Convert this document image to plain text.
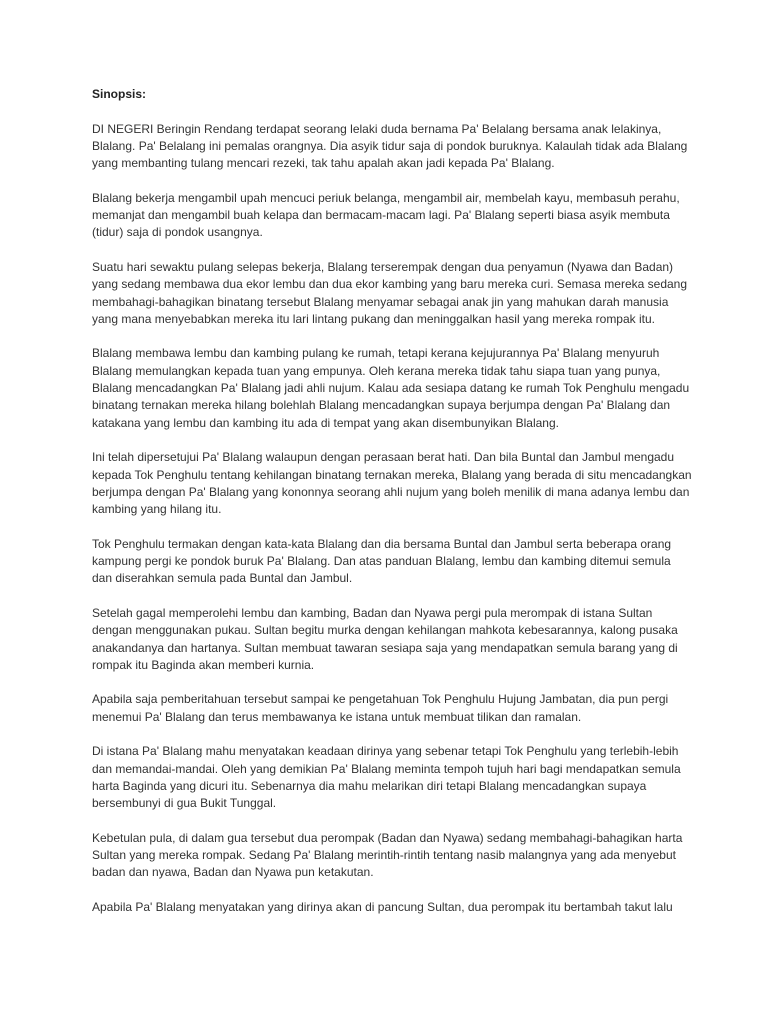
Sinopsis:
DI NEGERI Beringin Rendang terdapat seorang lelaki duda bernama Pa' Belalang bersama anak lelakinya,
Blalang. Pa' Belalang ini pemalas orangnya. Dia asyik tidur saja di pondok buruknya. Kalaulah tidak ada Blalang
yang membanting tulang mencari rezeki, tak tahu apalah akan jadi kepada Pa' Blalang.
Blalang bekerja mengambil upah mencuci periuk belanga, mengambil air, membelah kayu, membasuh perahu,
memanjat dan mengambil buah kelapa dan bermacam-macam lagi. Pa' Blalang seperti biasa asyik membuta
(tidur) saja di pondok usangnya.
Suatu hari sewaktu pulang selepas bekerja, Blalang terserempak dengan dua penyamun (Nyawa dan Badan)
yang sedang membawa dua ekor lembu dan dua ekor kambing yang baru mereka curi. Semasa mereka sedang
membahagi-bahagikan binatang tersebut Blalang menyamar sebagai anak jin yang mahukan darah manusia
yang mana menyebabkan mereka itu lari lintang pukang dan meninggalkan hasil yang mereka rompak itu.
Blalang membawa lembu dan kambing pulang ke rumah, tetapi kerana kejujurannya Pa' Blalang menyuruh
Blalang memulangkan kepada tuan yang empunya. Oleh kerana mereka tidak tahu siapa tuan yang punya,
Blalang mencadangkan Pa' Blalang jadi ahli nujum. Kalau ada sesiapa datang ke rumah Tok Penghulu mengadu
binatang ternakan mereka hilang bolehlah Blalang mencadangkan supaya berjumpa dengan Pa' Blalang dan
katakana yang lembu dan kambing itu ada di tempat yang akan disembunyikan Blalang.
Ini telah dipersetujui Pa' Blalang walaupun dengan perasaan berat hati. Dan bila Buntal dan Jambul mengadu
kepada Tok Penghulu tentang kehilangan binatang ternakan mereka, Blalang yang berada di situ mencadangkan
berjumpa dengan Pa' Blalang yang kononnya seorang ahli nujum yang boleh menilik di mana adanya lembu dan
kambing yang hilang itu.
Tok Penghulu termakan dengan kata-kata Blalang dan dia bersama Buntal dan Jambul serta beberapa orang
kampung pergi ke pondok buruk Pa' Blalang. Dan atas panduan Blalang, lembu dan kambing ditemui semula
dan diserahkan semula pada Buntal dan Jambul.
Setelah gagal memperolehi lembu dan kambing, Badan dan Nyawa pergi pula merompak di istana Sultan
dengan menggunakan pukau. Sultan begitu murka dengan kehilangan mahkota kebesarannya, kalong pusaka
anakandanya dan hartanya. Sultan membuat tawaran sesiapa saja yang mendapatkan semula barang yang di
rompak itu Baginda akan memberi kurnia.
Apabila saja pemberitahuan tersebut sampai ke pengetahuan Tok Penghulu Hujung Jambatan, dia pun pergi
menemui Pa' Blalang dan terus membawanya ke istana untuk membuat tilikan dan ramalan.
Di istana Pa' Blalang mahu menyatakan keadaan dirinya yang sebenar tetapi Tok Penghulu yang terlebih-lebih
dan memandai-mandai. Oleh yang demikian Pa' Blalang meminta tempoh tujuh hari bagi mendapatkan semula
harta Baginda yang dicuri itu. Sebenarnya dia mahu melarikan diri tetapi Blalang mencadangkan supaya
bersembunyi di gua Bukit Tunggal.
Kebetulan pula, di dalam gua tersebut dua perompak (Badan dan Nyawa) sedang membahagi-bahagikan harta
Sultan yang mereka rompak. Sedang Pa' Blalang merintih-rintih tentang nasib malangnya yang ada menyebut
badan dan nyawa, Badan dan Nyawa pun ketakutan.
Apabila Pa' Blalang menyatakan yang dirinya akan di pancung Sultan, dua perompak itu bertambah takut lalu
